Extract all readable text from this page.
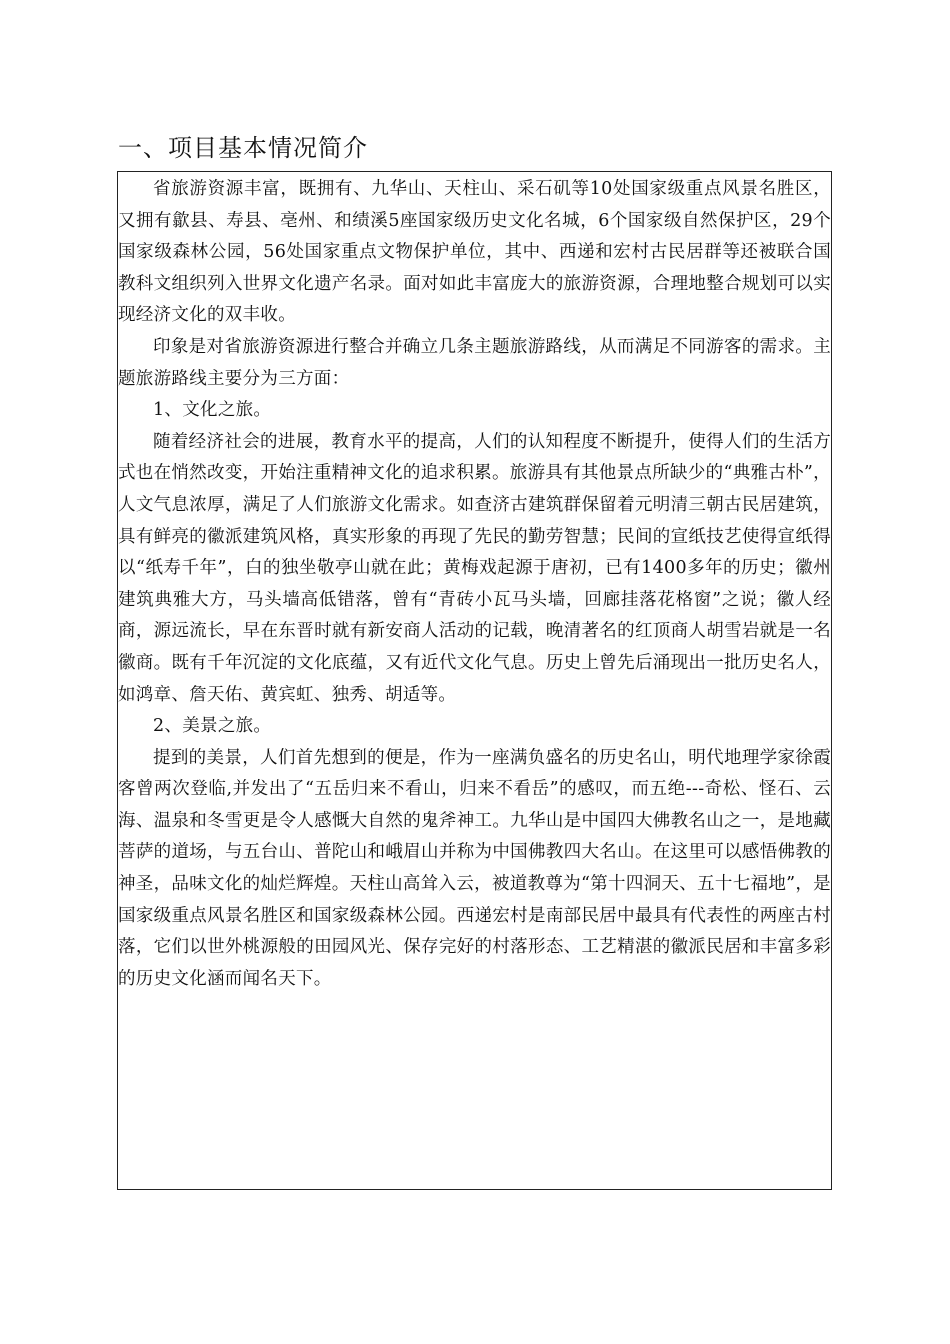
一、项目基本情况简介

省旅游资源丰富，既拥有、九华山、天柱山、采石矶等10处国家级重点风景名胜区，又拥有歙县、寿县、亳州、和绩溪5座国家级历史文化名城，6个国家级自然保护区，29个国家级森林公园，56处国家重点文物保护单位，其中、西递和宏村古民居群等还被联合国教科文组织列入世界文化遗产名录。面对如此丰富庞大的旅游资源，合理地整合规划可以实现经济文化的双丰收。

印象是对省旅游资源进行整合并确立几条主题旅游路线，从而满足不同游客的需求。主题旅游路线主要分为三方面：

1、文化之旅。

随着经济社会的进展，教育水平的提高，人们的认知程度不断提升，使得人们的生活方式也在悄然改变，开始注重精神文化的追求积累。旅游具有其他景点所缺少的“典雅古朴”，人文气息浓厚，满足了人们旅游文化需求。如查济古建筑群保留着元明清三朝古民居建筑，具有鲜亮的徽派建筑风格，真实形象的再现了先民的勤劳智慧；民间的宣纸技艺使得宣纸得以“纸寿千年”，白的独坐敬亭山就在此；黄梅戏起源于唐初，已有1400多年的历史；徽州建筑典雅大方，马头墙高低错落，曾有“青砖小瓦马头墙，回廊挂落花格窗”之说；徽人经商，源远流长，早在东晋时就有新安商人活动的记载，晚清著名的红顶商人胡雪岩就是一名徽商。既有千年沉淀的文化底蕴，又有近代文化气息。历史上曾先后涌现出一批历史名人，如鸿章、詹天佑、黄宾虹、独秀、胡适等。

2、美景之旅。

提到的美景，人们首先想到的便是，作为一座满负盛名的历史名山，明代地理学家徐霞客曾两次登临,并发出了“五岳归来不看山，归来不看岳”的感叹，而五绝---奇松、怪石、云海、温泉和冬雪更是令人感慨大自然的鬼斧神工。九华山是中国四大佛教名山之一，是地藏菩萨的道场，与五台山、普陀山和峨眉山并称为中国佛教四大名山。在这里可以感悟佛教的神圣，品味文化的灿烂辉煌。天柱山高耸入云，被道教尊为“第十四洞天、五十七福地”，是国家级重点风景名胜区和国家级森林公园。西递宏村是南部民居中最具有代表性的两座古村落，它们以世外桃源般的田园风光、保存完好的村落形态、工艺精湛的徽派民居和丰富多彩的历史文化涵而闻名天下。
